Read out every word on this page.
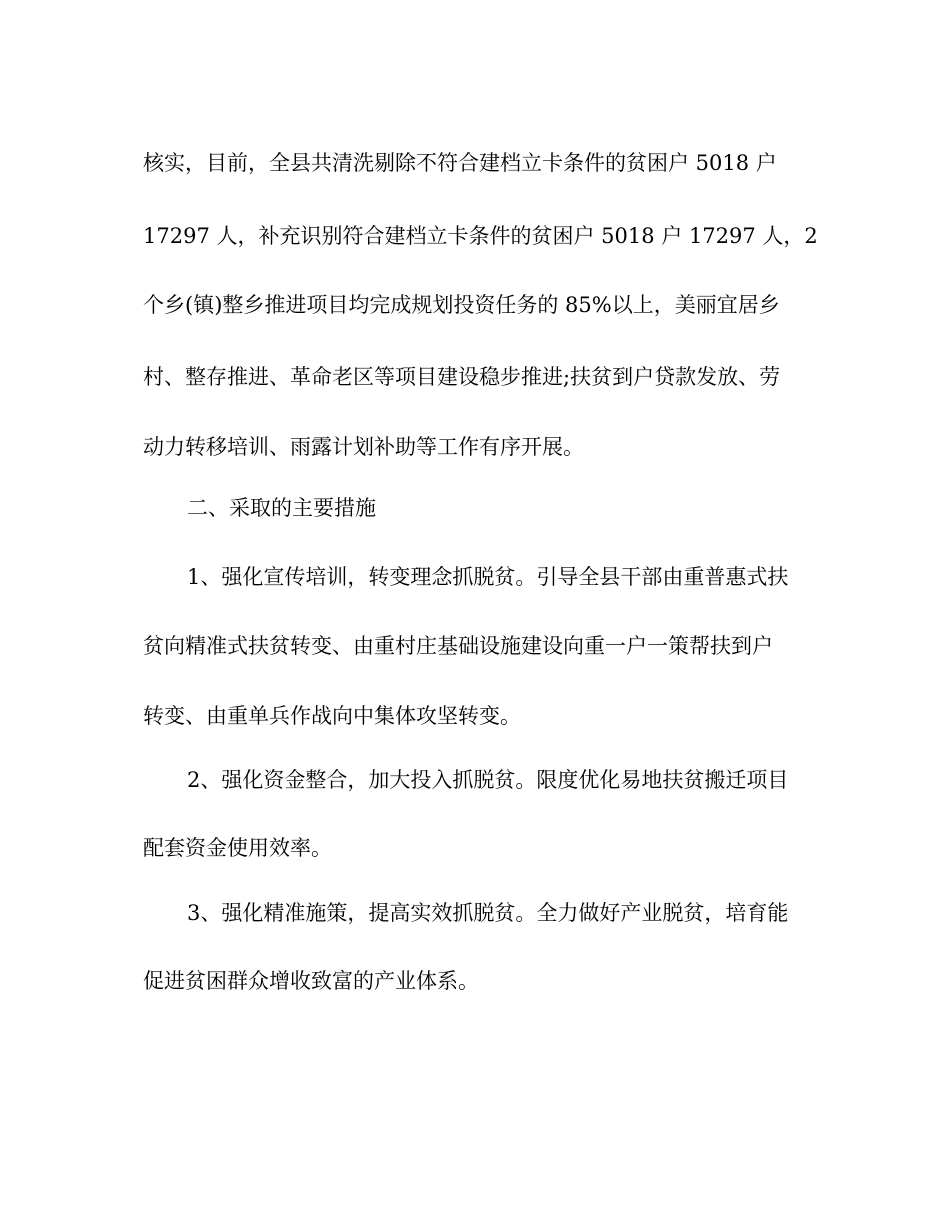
核实，目前，全县共清洗剔除不符合建档立卡条件的贫困户 5018 户

17297 人，补充识别符合建档立卡条件的贫困户 5018 户 17297 人，2

个乡(镇)整乡推进项目均完成规划投资任务的 85%以上，美丽宜居乡

村、整存推进、革命老区等项目建设稳步推进;扶贫到户贷款发放、劳

动力转移培训、雨露计划补助等工作有序开展。

二、采取的主要措施

1、强化宣传培训，转变理念抓脱贫。引导全县干部由重普惠式扶

贫向精准式扶贫转变、由重村庄基础设施建设向重一户一策帮扶到户

转变、由重单兵作战向中集体攻坚转变。

2、强化资金整合，加大投入抓脱贫。限度优化易地扶贫搬迁项目

配套资金使用效率。

3、强化精准施策，提高实效抓脱贫。全力做好产业脱贫，培育能

促进贫困群众增收致富的产业体系。
